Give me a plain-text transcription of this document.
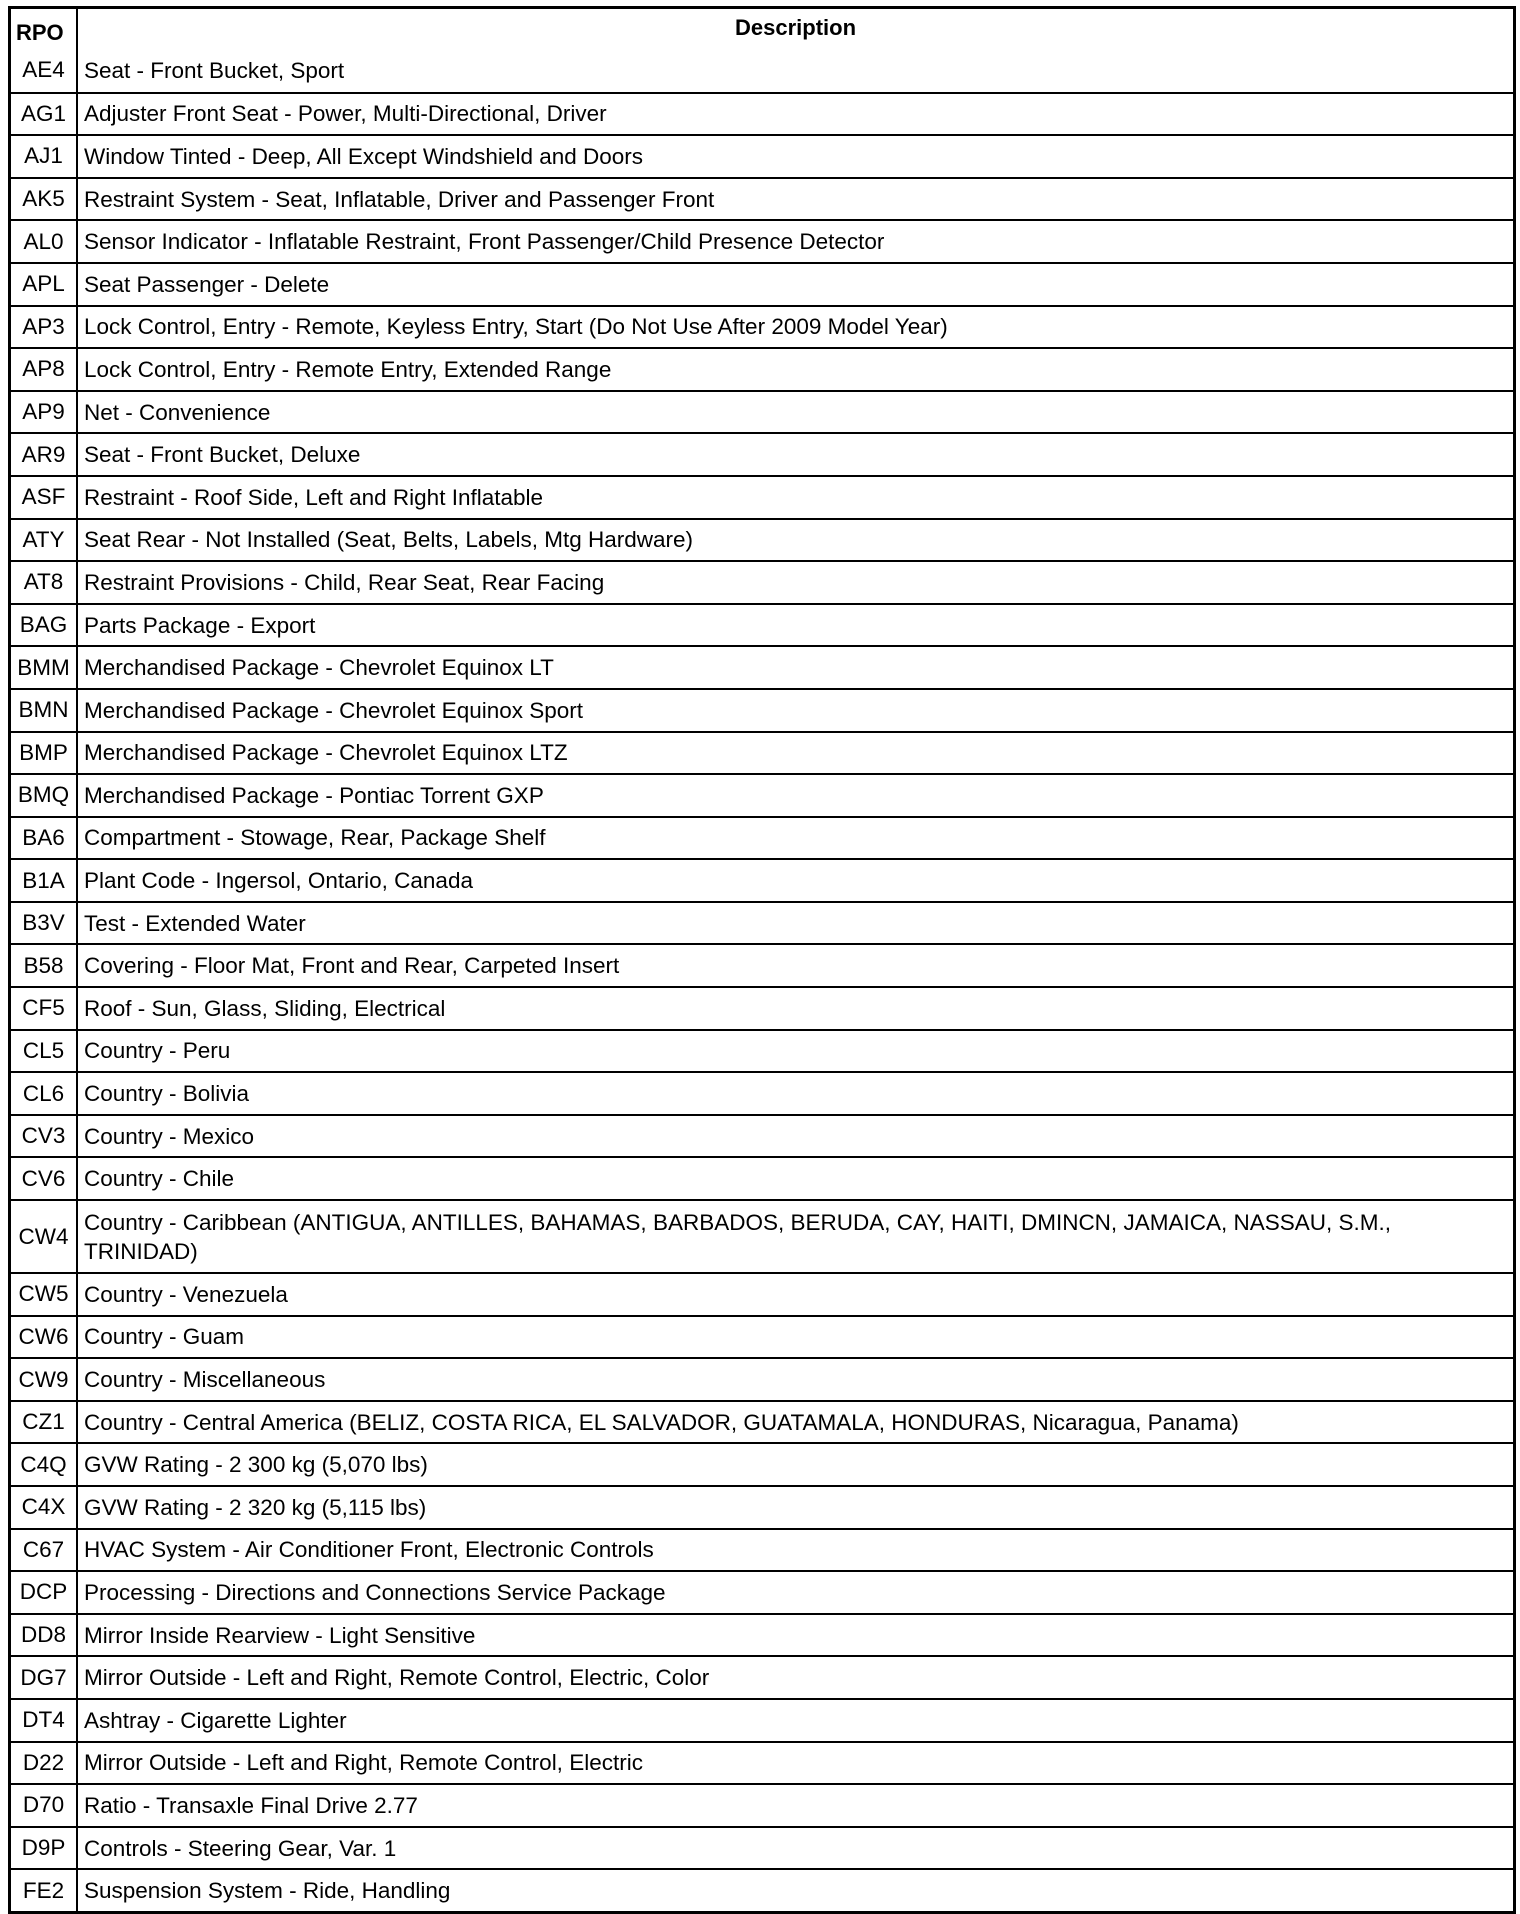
RPO	Description
AE4 Seat - Front Bucket, Sport
AG1 Adjuster Front Seat - Power, Multi-Directional, Driver
AJ1 Window Tinted - Deep, All Except Windshield and Doors
AK5 Restraint System - Seat, Inflatable, Driver and Passenger Front
AL0 Sensor Indicator - Inflatable Restraint, Front Passenger/Child Presence Detector
APL Seat Passenger - Delete
AP3 Lock Control, Entry - Remote, Keyless Entry, Start (Do Not Use After 2009 Model Year)
AP8 Lock Control, Entry - Remote Entry, Extended Range
AP9 Net - Convenience
AR9 Seat - Front Bucket, Deluxe
ASF Restraint - Roof Side, Left and Right Inflatable
ATY Seat Rear - Not Installed (Seat, Belts, Labels, Mtg Hardware)
AT8 Restraint Provisions - Child, Rear Seat, Rear Facing
BAG Parts Package - Export
BMM Merchandised Package - Chevrolet Equinox LT
BMN Merchandised Package - Chevrolet Equinox Sport
BMP Merchandised Package - Chevrolet Equinox LTZ
BMQ Merchandised Package - Pontiac Torrent GXP
BA6 Compartment - Stowage, Rear, Package Shelf
B1A Plant Code - Ingersol, Ontario, Canada
B3V Test - Extended Water
B58 Covering - Floor Mat, Front and Rear, Carpeted Insert
CF5 Roof - Sun, Glass, Sliding, Electrical
CL5 Country - Peru
CL6 Country - Bolivia
CV3 Country - Mexico
CV6 Country - Chile
CW4
Country - Caribbean (ANTIGUA, ANTILLES, BAHAMAS, BARBADOS, BERUDA, CAY, HAITI, DMINCN, JAMAICA, NASSAU, S.M., TRINIDAD)
CW5 Country - Venezuela
CW6 Country - Guam
CW9 Country - Miscellaneous
CZ1 Country - Central America (BELIZ, COSTA RICA, EL SALVADOR, GUATAMALA, HONDURAS, Nicaragua, Panama)
C4Q GVW Rating - 2 300 kg (5,070 lbs)
C4X GVW Rating - 2 320 kg (5,115 lbs)
C67 HVAC System - Air Conditioner Front, Electronic Controls
DCP Processing - Directions and Connections Service Package
DD8 Mirror Inside Rearview - Light Sensitive
DG7 Mirror Outside - Left and Right, Remote Control, Electric, Color
DT4 Ashtray - Cigarette Lighter
D22 Mirror Outside - Left and Right, Remote Control, Electric
D70 Ratio - Transaxle Final Drive 2.77
D9P Controls - Steering Gear, Var. 1
FE2 Suspension System - Ride, Handling
